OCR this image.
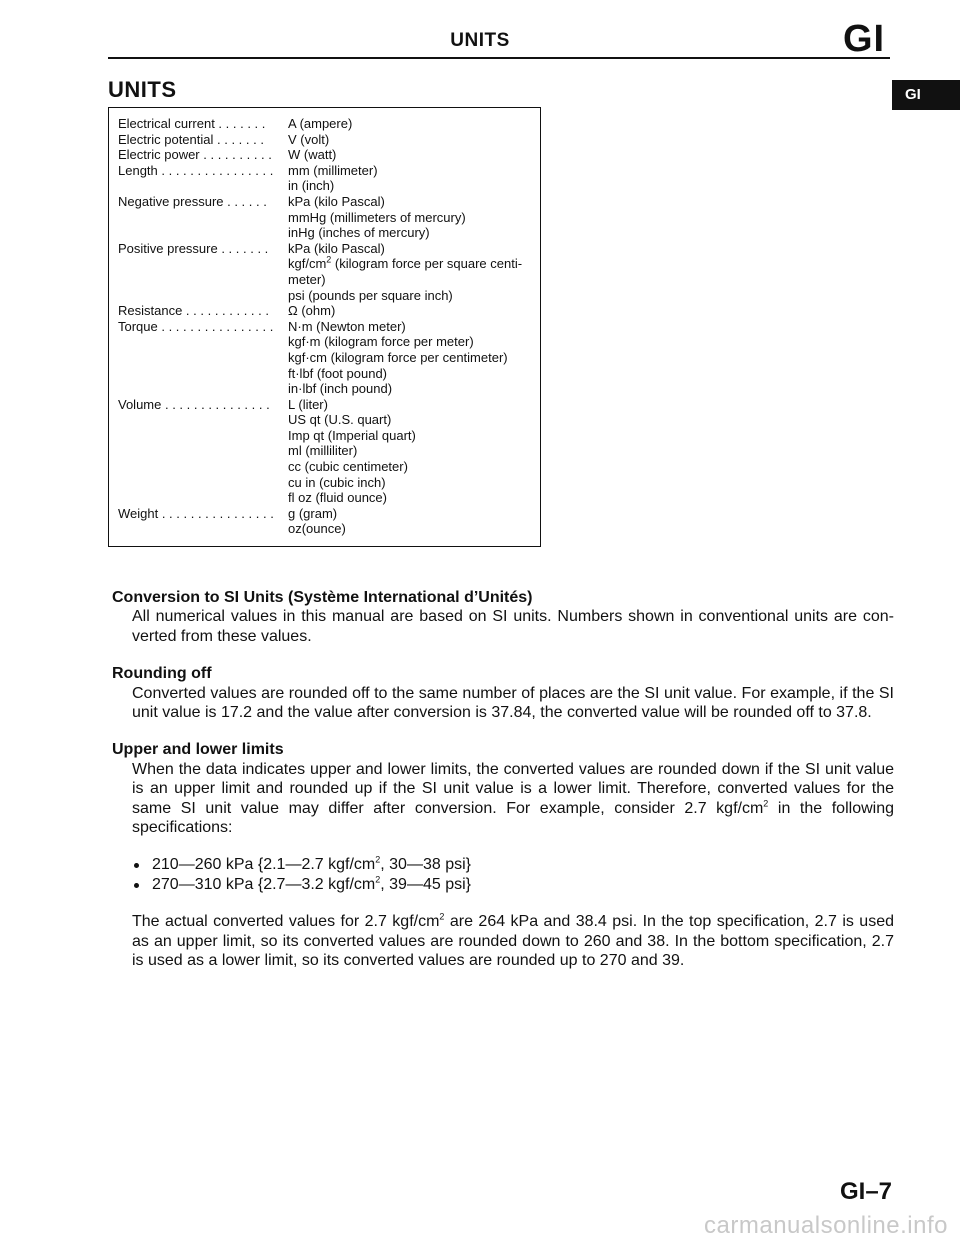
UNITS	GI
GI
UNITS
Electrical current . . . . . . .	A (ampere)
Electric potential . . . . . . .	V (volt)
Electric power . . . . . . . . . .	W (watt)
Length . . . . . . . . . . . . . . . .	mm (millimeter)
in (inch)
Negative pressure . . . . . .	kPa (kilo Pascal)
mmHg (millimeters of mercury)
inHg (inches of mercury)
Positive pressure . . . . . . .	kPa (kilo Pascal)
kgf/$cm^2$ (kilogram force per square centi-
meter)
psi (pounds per square inch)
Resistance . . . . . . . . . . . .	Ω (ohm)
Torque . . . . . . . . . . . . . . . .	N·m (Newton meter)
kgf·m (kilogram force per meter)
kgf·cm (kilogram force per centimeter)
ft·lbf (foot pound)
in·lbf (inch pound)
Volume . . . . . . . . . . . . . . .	L (liter)
US qt (U.S. quart)
Imp qt (Imperial quart)
ml (milliliter)
cc (cubic centimeter)
cu in (cubic inch)
fl oz (fluid ounce)
Weight . . . . . . . . . . . . . . . .	g (gram)
oz(ounce)

Conversion to SI Units (Système International d’Unités)

All numerical values in this manual are based on SI units. Numbers shown in conventional units are con-verted from these values.

Rounding off

Converted values are rounded off to the same number of places are the SI unit value. For example, if the SI unit value is 17.2 and the value after conversion is 37.84, the converted value will be rounded off to 37.8.

Upper and lower limits

When the data indicates upper and lower limits, the converted values are rounded down if the SI unit value is an upper limit and rounded up if the SI unit value is a lower limit. Therefore, converted values for the same SI unit value may differ after conversion. For example, consider 2.7 kgf/$cm^2$ in the following specifications:

210—260 kPa {2.1—2.7 kgf/$cm^2$, 30—38 psi}
270—310 kPa {2.7—3.2 kgf/$cm^2$, 39—45 psi}

The actual converted values for 2.7 kgf/$cm^2$ are 264 kPa and 38.4 psi. In the top specification, 2.7 is used as an upper limit, so its converted values are rounded down to 260 and 38. In the bottom specification, 2.7 is used as a lower limit, so its converted values are rounded up to 270 and 39.

GI–7
carmanualsonline.info
